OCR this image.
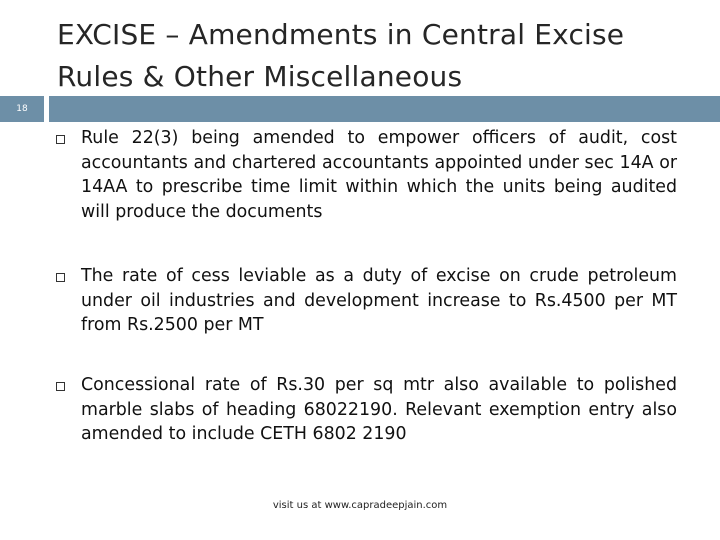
18
EXCISE – Amendments in Central Excise Rules & Other Miscellaneous
Rule 22(3) being amended to empower officers of audit, cost accountants and chartered accountants appointed under sec 14A or 14AA to prescribe time limit within which the units being audited will produce the documents
The rate of cess leviable as a duty of excise on crude petroleum under oil industries and development increase to Rs.4500 per MT from Rs.2500 per MT
Concessional rate of Rs.30 per sq mtr also available to polished marble slabs of heading 68022190. Relevant exemption entry also amended to include CETH 6802 2190
visit us at www.capradeepjain.com
